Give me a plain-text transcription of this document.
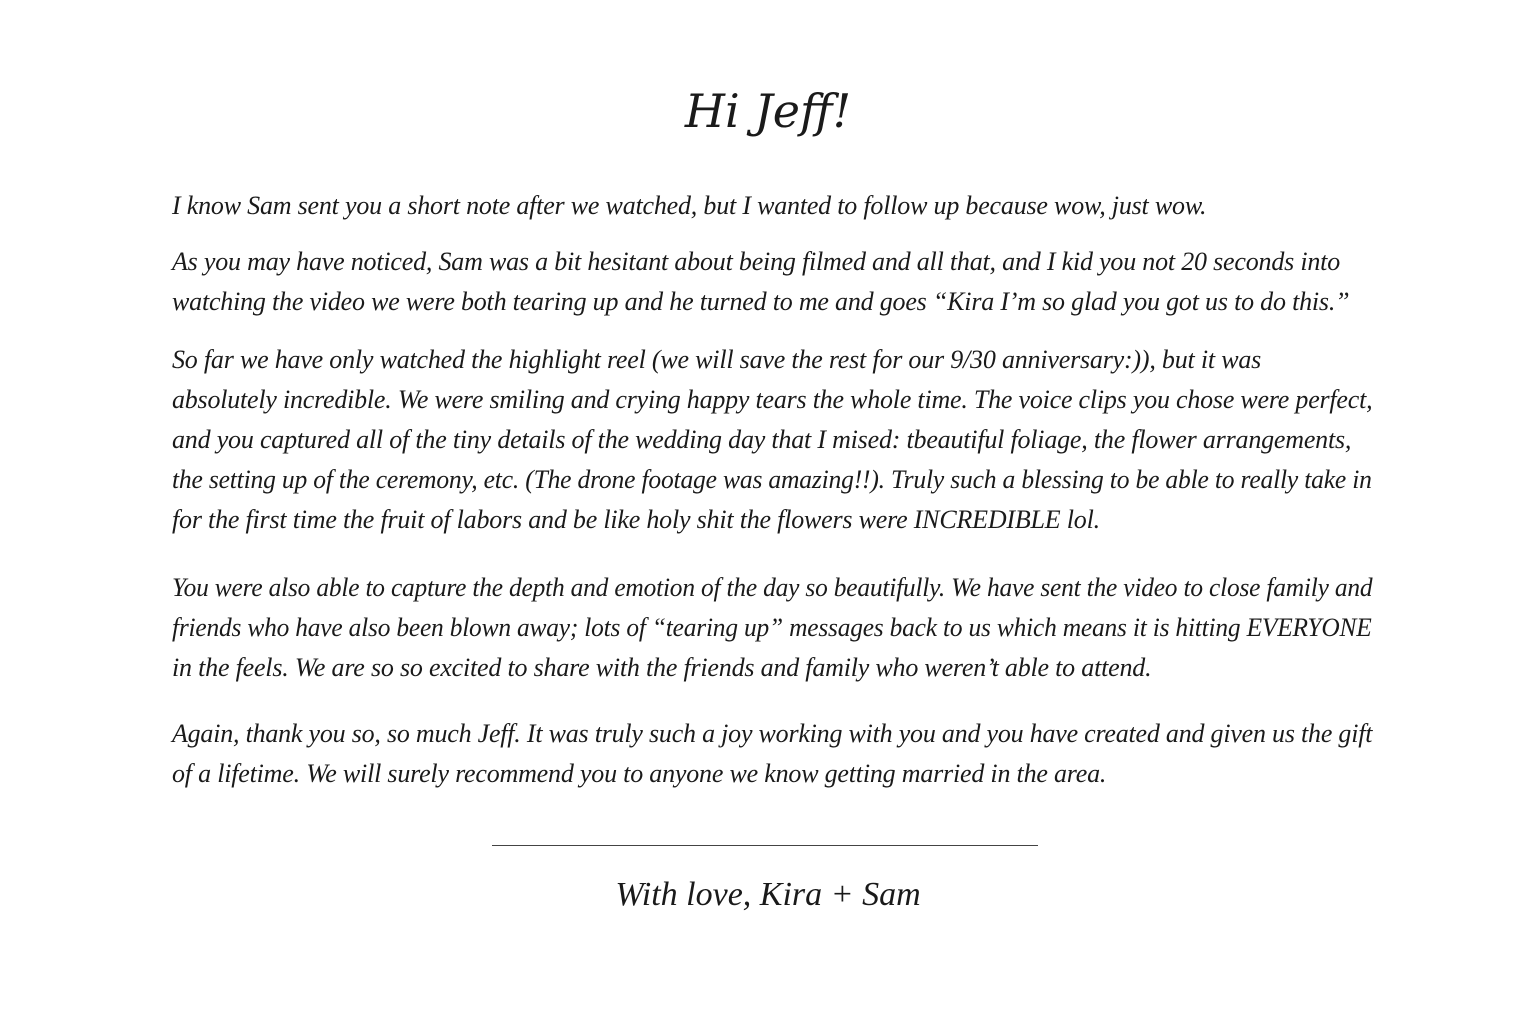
Hi Jeff!

I know Sam sent you a short note after we watched, but I wanted to follow up because wow, just wow.

As you may have noticed, Sam was a bit hesitant about being filmed and all that, and I kid you not 20 seconds into
watching the video we were both tearing up and he turned to me and goes “Kira I’m so glad you got us to do this.”

So far we have only watched the highlight reel (we will save the rest for our 9/30 anniversary:)), but it was
absolutely incredible. We were smiling and crying happy tears the whole time. The voice clips you chose were perfect,
and you captured all of the tiny details of the wedding day that I mised: tbeautiful foliage, the flower arrangements,
the setting up of the ceremony, etc. (The drone footage was amazing!!). Truly such a blessing to be able to really take in
for the first time the fruit of labors and be like holy shit the flowers were INCREDIBLE lol.

You were also able to capture the depth and emotion of the day so beautifully. We have sent the video to close family and
friends who have also been blown away; lots of “tearing up” messages back to us which means it is hitting EVERYONE
in the feels. We are so so excited to share with the friends and family who weren’t able to attend.

Again, thank you so, so much Jeff. It was truly such a joy working with you and you have created and given us the gift
of a lifetime. We will surely recommend you to anyone we know getting married in the area.

With love, Kira + Sam
